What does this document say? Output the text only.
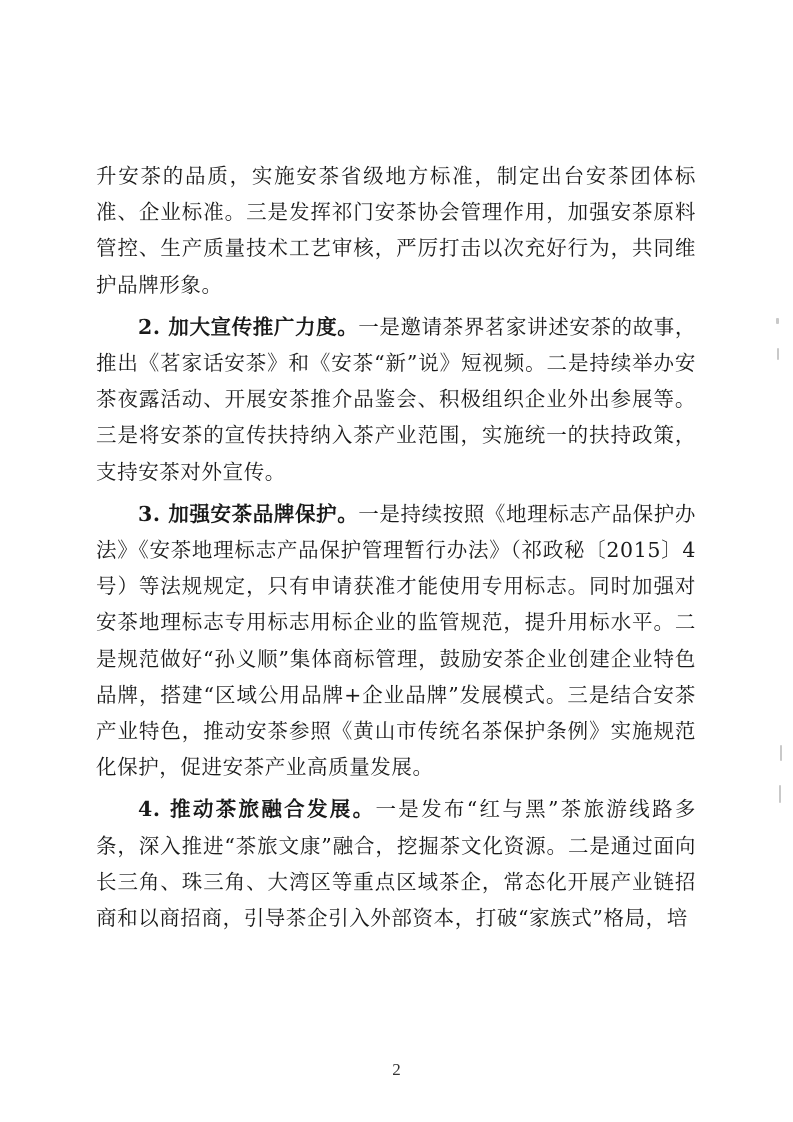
升安茶的品质，实施安茶省级地方标准，制定出台安茶团体标准、企业标准。三是发挥祁门安茶协会管理作用，加强安茶原料管控、生产质量技术工艺审核，严厉打击以次充好行为，共同维护品牌形象。

2. 加大宣传推广力度。一是邀请茶界茗家讲述安茶的故事，推出《茗家话安茶》和《安茶“新”说》短视频。二是持续举办安茶夜露活动、开展安茶推介品鉴会、积极组织企业外出参展等。三是将安茶的宣传扶持纳入茶产业范围，实施统一的扶持政策，支持安茶对外宣传。

3. 加强安茶品牌保护。一是持续按照《地理标志产品保护办法》《安茶地理标志产品保护管理暂行办法》（祁政秘〔2015〕4号）等法规规定，只有申请获准才能使用专用标志。同时加强对安茶地理标志专用标志用标企业的监管规范，提升用标水平。二是规范做好“孙义顺”集体商标管理，鼓励安茶企业创建企业特色品牌，搭建“区域公用品牌+企业品牌”发展模式。三是结合安茶产业特色，推动安茶参照《黄山市传统名茶保护条例》实施规范化保护，促进安茶产业高质量发展。

4. 推动茶旅融合发展。一是发布“红与黑”茶旅游线路多条，深入推进“茶旅文康”融合，挖掘茶文化资源。二是通过面向长三角、珠三角、大湾区等重点区域茶企，常态化开展产业链招商和以商招商，引导茶企引入外部资本，打破“家族式”格局，培

2
